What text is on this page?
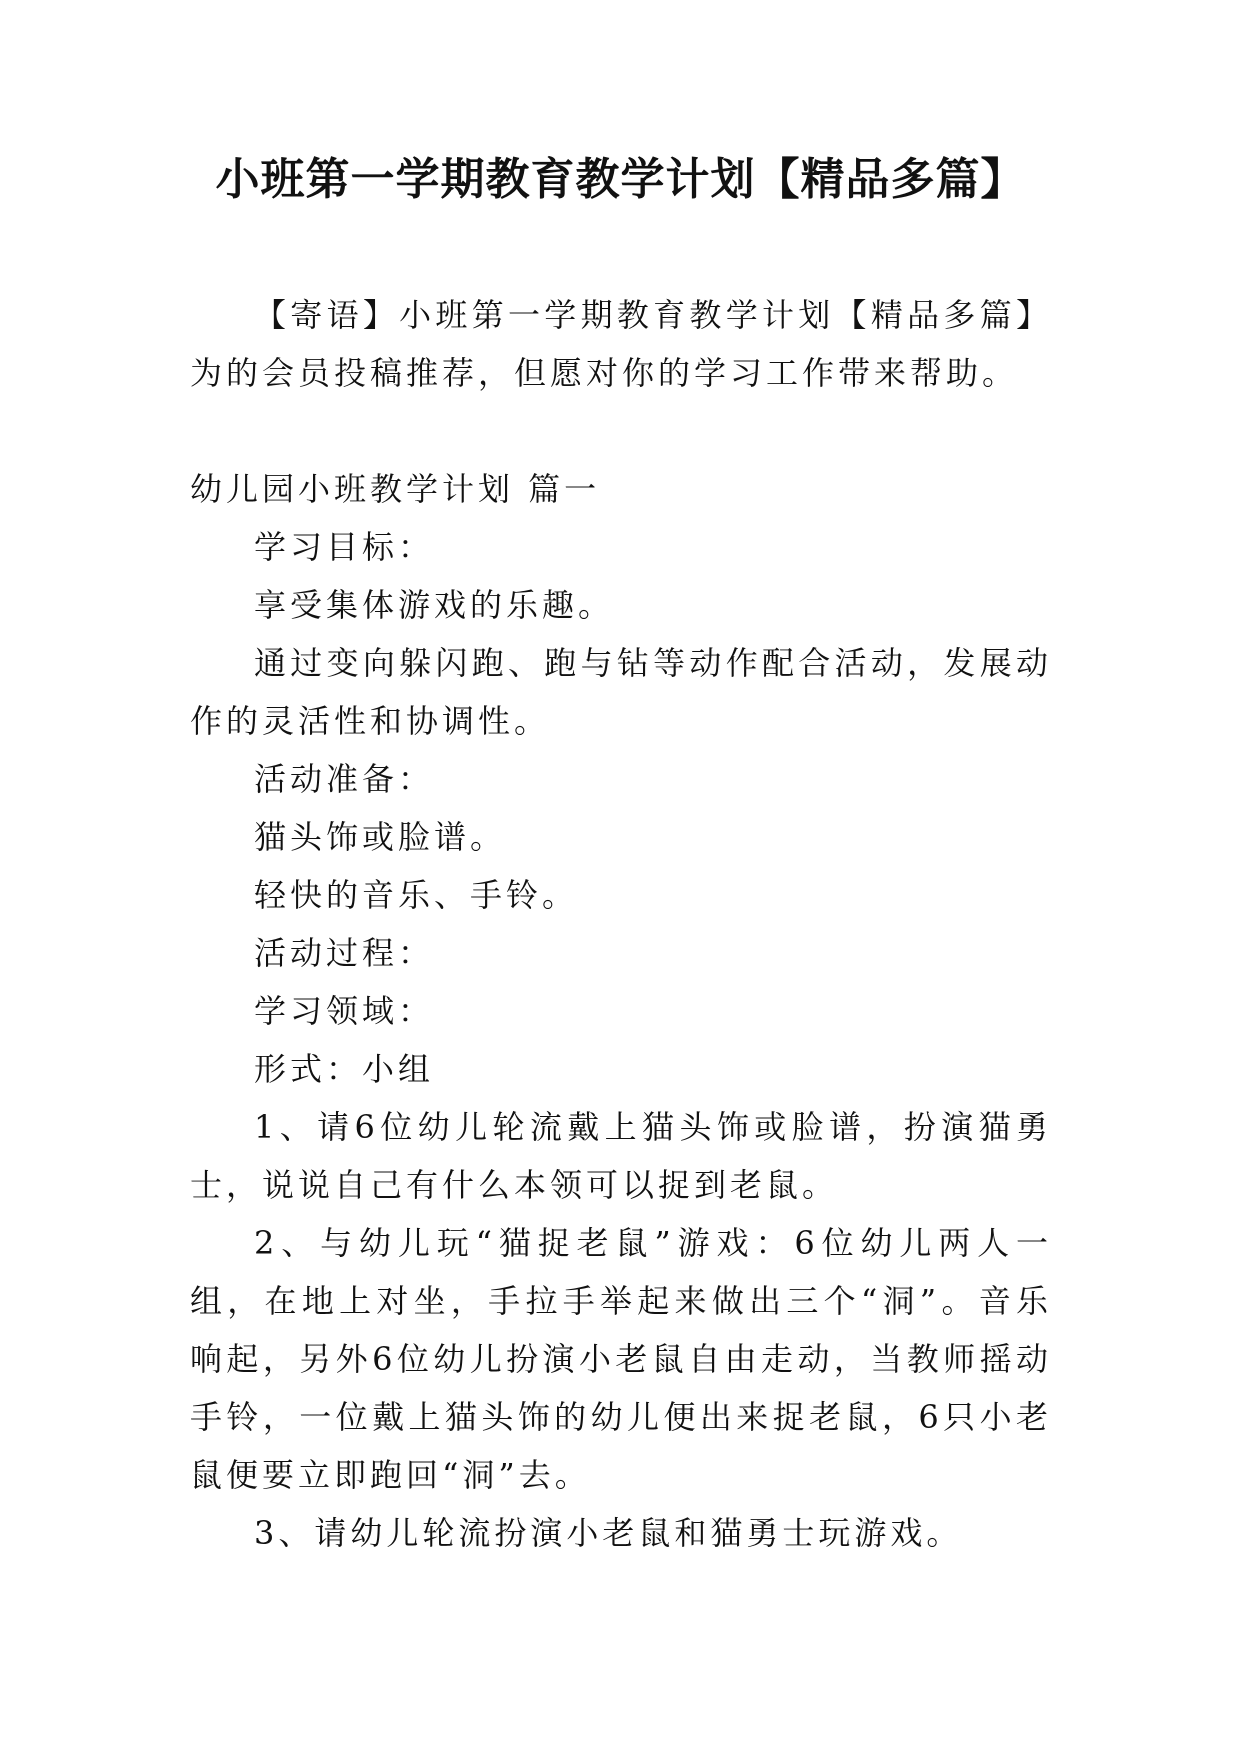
小班第一学期教育教学计划【精品多篇】

【寄语】小班第一学期教育教学计划【精品多篇】为的会员投稿推荐，但愿对你的学习工作带来帮助。

幼儿园小班教学计划 篇一

学习目标：

享受集体游戏的乐趣。

通过变向躲闪跑、跑与钻等动作配合活动，发展动作的灵活性和协调性。

活动准备：

猫头饰或脸谱。

轻快的音乐、手铃。

活动过程：

学习领域：

形式：小组

1、请6位幼儿轮流戴上猫头饰或脸谱，扮演猫勇士，说说自己有什么本领可以捉到老鼠。

2、与幼儿玩“猫捉老鼠”游戏：6位幼儿两人一组，在地上对坐，手拉手举起来做出三个“洞”。音乐响起，另外6位幼儿扮演小老鼠自由走动，当教师摇动手铃，一位戴上猫头饰的幼儿便出来捉老鼠，6只小老鼠便要立即跑回“洞”去。

3、请幼儿轮流扮演小老鼠和猫勇士玩游戏。
